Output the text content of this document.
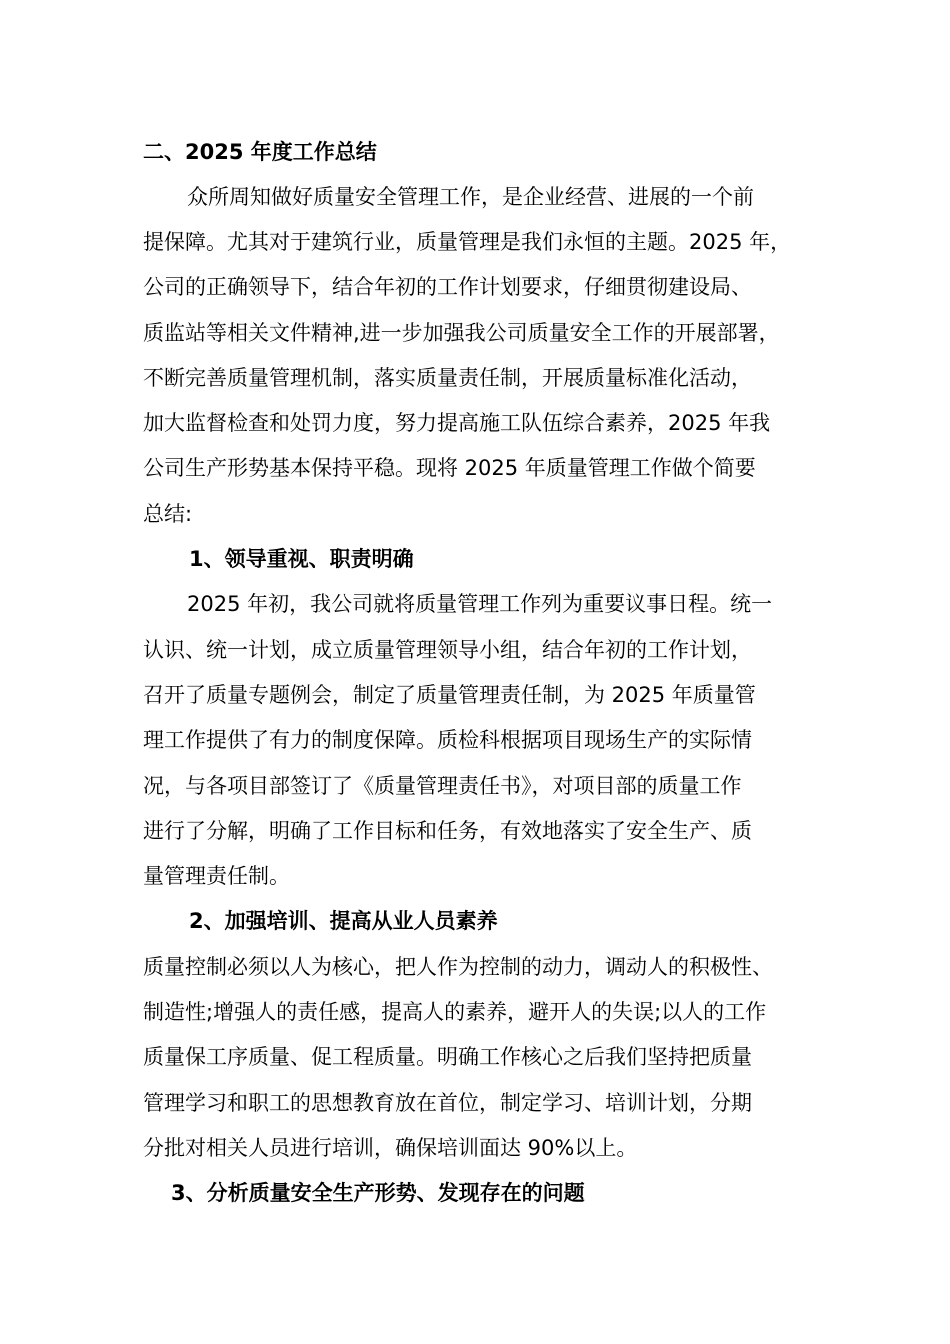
二、2025 年度工作总结
众所周知做好质量安全管理工作，是企业经营、进展的一个前
提保障。尤其对于建筑行业，质量管理是我们永恒的主题。2025 年，
公司的正确领导下，结合年初的工作计划要求，仔细贯彻建设局、
质监站等相关文件精神,进一步加强我公司质量安全工作的开展部署，
不断完善质量管理机制，落实质量责任制，开展质量标准化活动，
加大监督检查和处罚力度，努力提高施工队伍综合素养，2025 年我
公司生产形势基本保持平稳。现将 2025 年质量管理工作做个简要
总结:
1、领导重视、职责明确
2025 年初，我公司就将质量管理工作列为重要议事日程。统一
认识、统一计划，成立质量管理领导小组，结合年初的工作计划，
召开了质量专题例会，制定了质量管理责任制，为 2025 年质量管
理工作提供了有力的制度保障。质检科根据项目现场生产的实际情
况，与各项目部签订了《质量管理责任书》，对项目部的质量工作
进行了分解，明确了工作目标和任务，有效地落实了安全生产、质
量管理责任制。
2、加强培训、提高从业人员素养
质量控制必须以人为核心，把人作为控制的动力，调动人的积极性、
制造性;增强人的责任感，提高人的素养，避开人的失误;以人的工作
质量保工序质量、促工程质量。明确工作核心之后我们坚持把质量
管理学习和职工的思想教育放在首位，制定学习、培训计划，分期
分批对相关人员进行培训，确保培训面达 90%以上。
3、分析质量安全生产形势、发现存在的问题
